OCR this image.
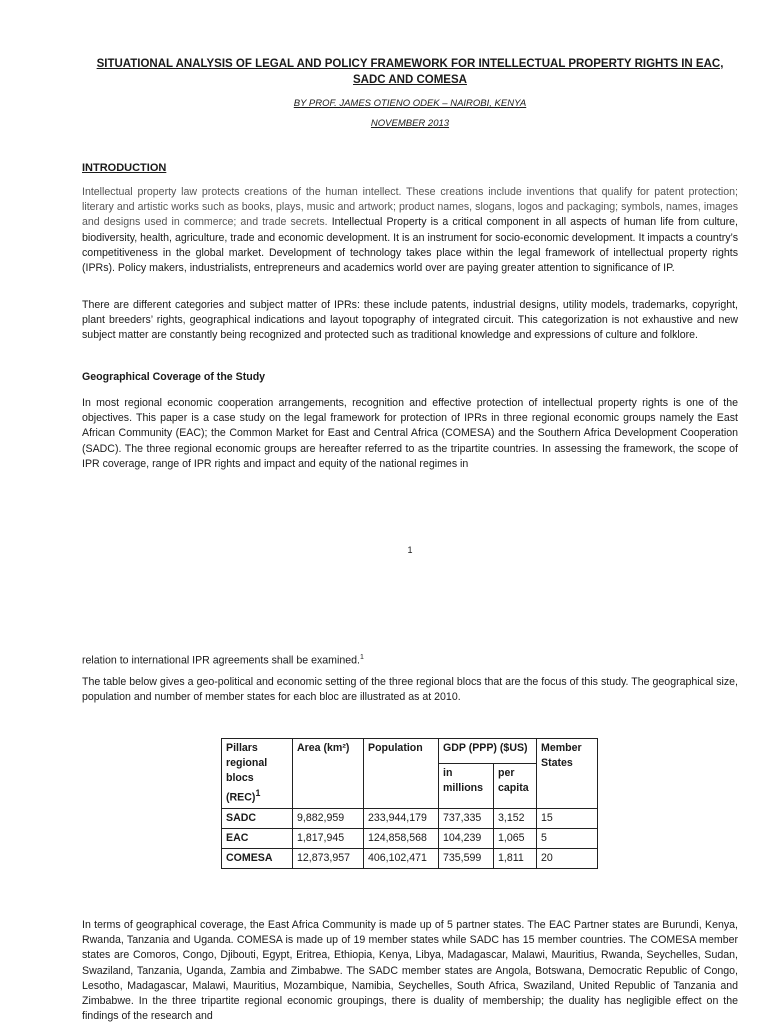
SITUATIONAL ANALYSIS OF LEGAL AND POLICY FRAMEWORK FOR INTELLECTUAL PROPERTY RIGHTS IN EAC, SADC AND COMESA
BY PROF. JAMES OTIENO ODEK – NAIROBI, KENYA
NOVEMBER 2013
INTRODUCTION
Intellectual property law protects creations of the human intellect. These creations include inventions that qualify for patent protection; literary and artistic works such as books, plays, music and artwork; product names, slogans, logos and packaging; symbols, names, images and designs used in commerce; and trade secrets. Intellectual Property is a critical component in all aspects of human life from culture, biodiversity, health, agriculture, trade and economic development. It is an instrument for socio-economic development. It impacts a country’s competitiveness in the global market. Development of technology takes place within the legal framework of intellectual property rights (IPRs). Policy makers, industrialists, entrepreneurs and academics world over are paying greater attention to significance of IP.
There are different categories and subject matter of IPRs: these include patents, industrial designs, utility models, trademarks, copyright, plant breeders’ rights, geographical indications and layout topography of integrated circuit. This categorization is not exhaustive and new subject matter are constantly being recognized and protected such as traditional knowledge and expressions of culture and folklore.
Geographical Coverage of the Study
In most regional economic cooperation arrangements, recognition and effective protection of intellectual property rights is one of the objectives. This paper is a case study on the legal framework for protection of IPRs in three regional economic groups namely the East African Community (EAC); the Common Market for East and Central Africa (COMESA) and the Southern Africa Development Cooperation (SADC). The three regional economic groups are hereafter referred to as the tripartite countries. In assessing the framework, the scope of IPR coverage, range of IPR rights and impact and equity of the national regimes in
1
relation to international IPR agreements shall be examined.$^1$
The table below gives a geo-political and economic setting of the three regional blocs that are the focus of this study. The geographical size, population and number of member states for each bloc are illustrated as at 2010.
Pillars regional blocs (REC)$^1$	Area (km²)	Population	GDP (PPP) ($US)		Member States
			in millions	per capita	
SADC	9,882,959	233,944,179	737,335	3,152	15
EAC	1,817,945	124,858,568	104,239	1,065	5
COMESA	12,873,957	406,102,471	735,599	1,811	20
In terms of geographical coverage, the East Africa Community is made up of 5 partner states. The EAC Partner states are Burundi, Kenya, Rwanda, Tanzania and Uganda. COMESA is made up of 19 member states while SADC has 15 member countries. The COMESA member states are Comoros, Congo, Djibouti, Egypt, Eritrea, Ethiopia, Kenya, Libya, Madagascar, Malawi, Mauritius, Rwanda, Seychelles, Sudan, Swaziland, Tanzania, Uganda, Zambia and Zimbabwe. The SADC member states are Angola, Botswana, Democratic Republic of Congo, Lesotho, Madagascar, Malawi, Mauritius, Mozambique, Namibia, Seychelles, South Africa, Swaziland, United Republic of Tanzania and Zimbabwe. In the three tripartite regional economic groupings, there is duality of membership; the duality has negligible effect on the findings of the research and
